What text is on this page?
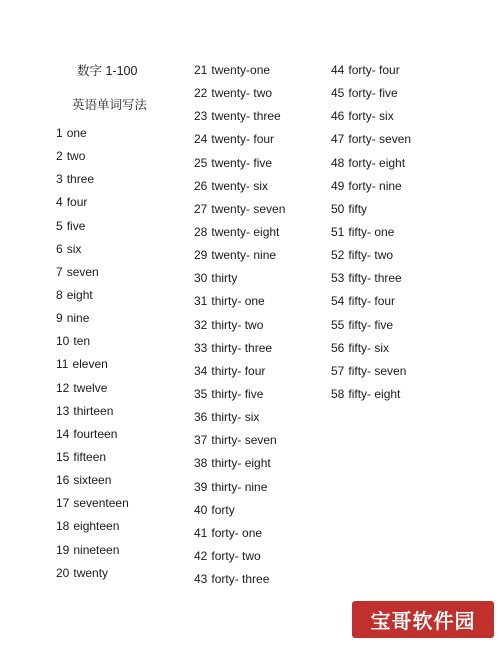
数字 1-100
英语单词写法
1 one
2 two
3 three
4 four
5 five
6 six
7 seven
8 eight
9 nine
10 ten
11 eleven
12 twelve
13 thirteen
14 fourteen
15 fifteen
16 sixteen
17 seventeen
18 eighteen
19 nineteen
20 twenty
21 twenty-one
22 twenty- two
23 twenty- three
24 twenty- four
25 twenty- five
26 twenty- six
27 twenty- seven
28 twenty- eight
29 twenty- nine
30 thirty
31 thirty- one
32 thirty- two
33 thirty- three
34 thirty- four
35 thirty- five
36 thirty- six
37 thirty- seven
38 thirty- eight
39 thirty- nine
40 forty
41 forty- one
42 forty- two
43 forty- three
44 forty- four
45 forty- five
46 forty- six
47 forty- seven
48 forty- eight
49 forty- nine
50 fifty
51 fifty- one
52 fifty- two
53 fifty- three
54 fifty- four
55 fifty- five
56 fifty- six
57 fifty- seven
58 fifty- eight
宝哥软件园
